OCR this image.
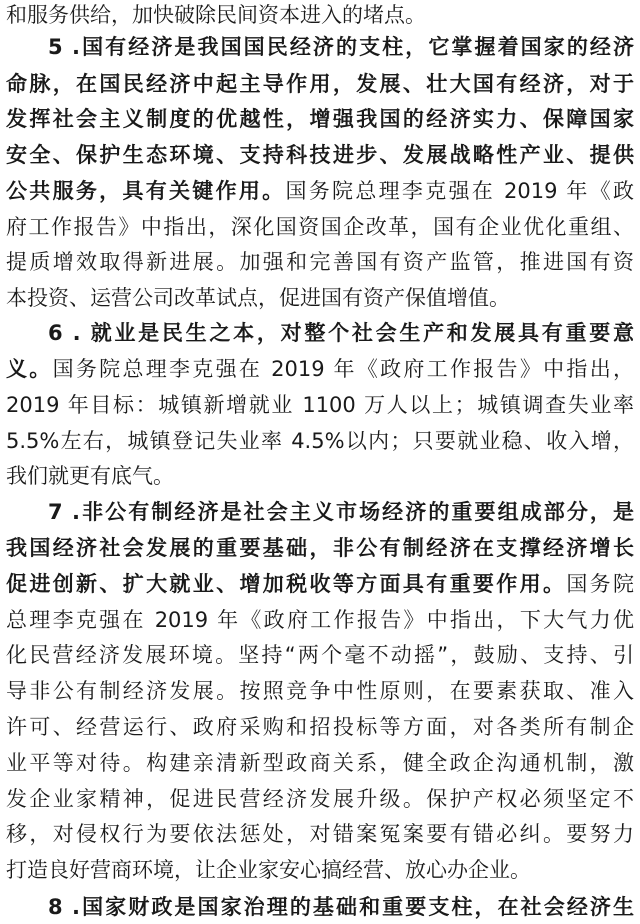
和服务供给，加快破除民间资本进入的堵点。
5 .国有经济是我国国民经济的支柱，它掌握着国家的经济
命脉，在国民经济中起主导作用，发展、壮大国有经济，对于
发挥社会主义制度的优越性，增强我国的经济实力、保障国家
安全、保护生态环境、支持科技进步、发展战略性产业、提供
公共服务，具有关键作用。国务院总理李克强在 2019 年《政
府工作报告》中指出，深化国资国企改革，国有企业优化重组、
提质增效取得新进展。加强和完善国有资产监管，推进国有资
本投资、运营公司改革试点，促进国有资产保值增值。
6 . 就业是民生之本，对整个社会生产和发展具有重要意
义。国务院总理李克强在 2019 年《政府工作报告》中指出，
2019 年目标：城镇新增就业 1100 万人以上；城镇调查失业率
5.5%左右，城镇登记失业率 4.5%以内；只要就业稳、收入增，
我们就更有底气。
7 .非公有制经济是社会主义市场经济的重要组成部分，是
我国经济社会发展的重要基础，非公有制经济在支撑经济增长
促进创新、扩大就业、增加税收等方面具有重要作用。国务院
总理李克强在 2019 年《政府工作报告》中指出，下大气力优
化民营经济发展环境。坚持“两个毫不动摇”，鼓励、支持、引
导非公有制经济发展。按照竞争中性原则，在要素获取、准入
许可、经营运行、政府采购和招投标等方面，对各类所有制企
业平等对待。构建亲清新型政商关系，健全政企沟通机制，激
发企业家精神，促进民营经济发展升级。保护产权必须坚定不
移，对侵权行为要依法惩处，对错案冤案要有错必纠。要努力
打造良好营商环境，让企业家安心搞经营、放心办企业。
8 .国家财政是国家治理的基础和重要支柱，在社会经济生
